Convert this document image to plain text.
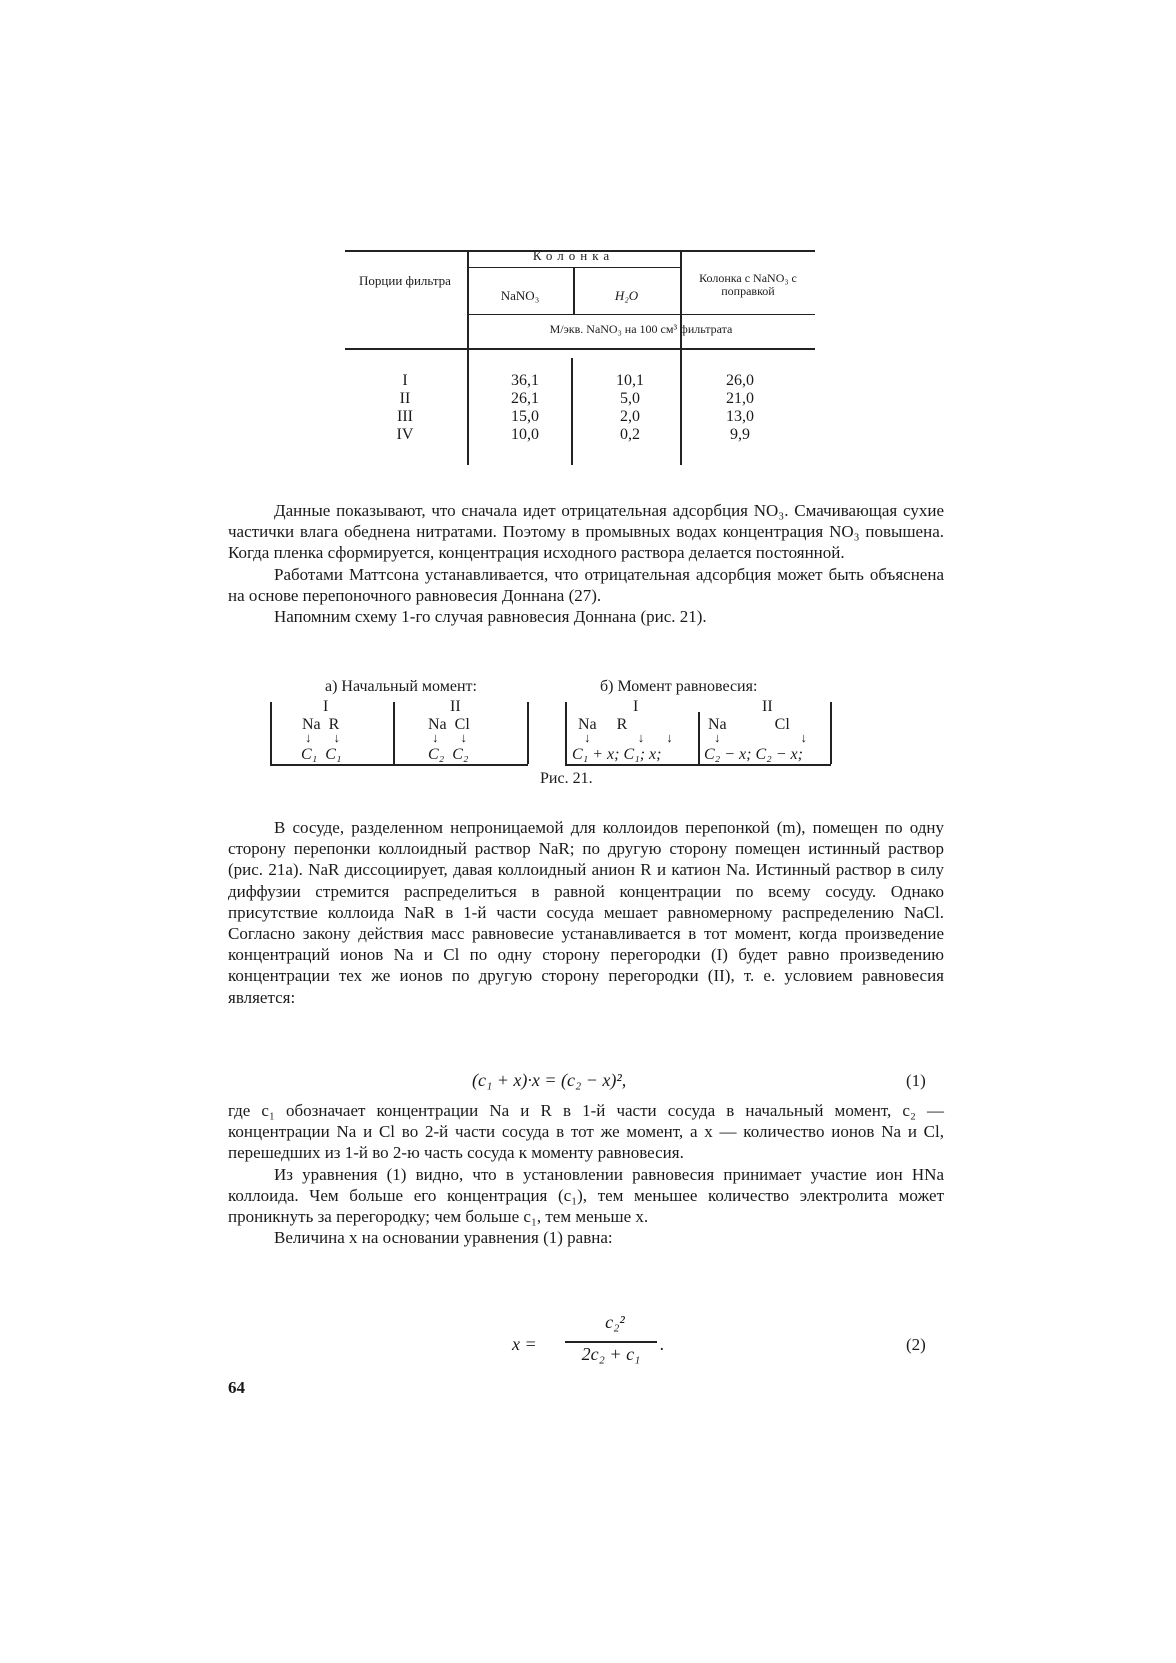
Порции фильтра
Колонка
NaNO₃	H₂O
Колонка с NaNO₃ с поправкой
М/экв. NaNO₃ на 100 см³ фильтрата
I	36,1	10,1	26,0
II	26,1	5,0	21,0
III	15,0	2,0	13,0
IV	10,0	0,2	9,9

Данные показывают, что сначала идет отрицательная адсорбция NO₃. Смачивающая сухие частички влага обеднена нитратами. Поэтому в промывных водах концентрация NO₃ повышена. Когда пленка сформируется, концентрация исходного раствора делается постоянной.

Работами Маттсона устанавливается, что отрицательная адсорбция может быть объяснена на основе перепоночного равновесия Доннана (27).

Напомним схему 1-го случая равновесия Доннана (рис. 21).

а) Начальный момент:	б) Момент равновесия:
I	II
Na  R	Na  Cl
↓↓	↓↓
C₁  C₁	C₂  C₂
I	II
Na     R	Na            Cl
↓ ↓↓ ↓↓
C₁ + x; C₁; x;	C₂ − x; C₂ − x;
Рис. 21.

В сосуде, разделенном непроницаемой для коллоидов перепонкой (m), помещен по одну сторону перепонки коллоидный раствор NaR; по другую сторону помещен истинный раствор (рис. 21а). NaR диссоциирует, давая коллоидный анион R и катион Na. Истинный раствор в силу диффузии стремится распределиться в равной концентрации по всему сосуду. Однако присутствие коллоида NaR в 1-й части сосуда мешает равномерному распределению NaCl. Согласно закону действия масс равновесие устанавливается в тот момент, когда произведение концентраций ионов Na и Cl по одну сторону перегородки (I) будет равно произведению концентрации тех же ионов по другую сторону перегородки (II), т. е. условием равновесия является:

(c₁ + x)·x = (c₂ − x)²,	(1)

где c₁ обозначает концентрации Na и R в 1-й части сосуда в начальный момент, c₂ — концентрации Na и Cl во 2-й части сосуда в тот же момент, а x — количество ионов Na и Cl, перешедших из 1-й во 2-ю часть сосуда к моменту равновесия.

Из уравнения (1) видно, что в установлении равновесия принимает участие ион HNa коллоида. Чем больше его концентрация (c₁), тем меньшее количество электролита может проникнуть за перегородку; чем больше c₁, тем меньше x.

Величина x на основании уравнения (1) равна:

x =
c₂²
2c₂ + c₁	.	(2)
64
